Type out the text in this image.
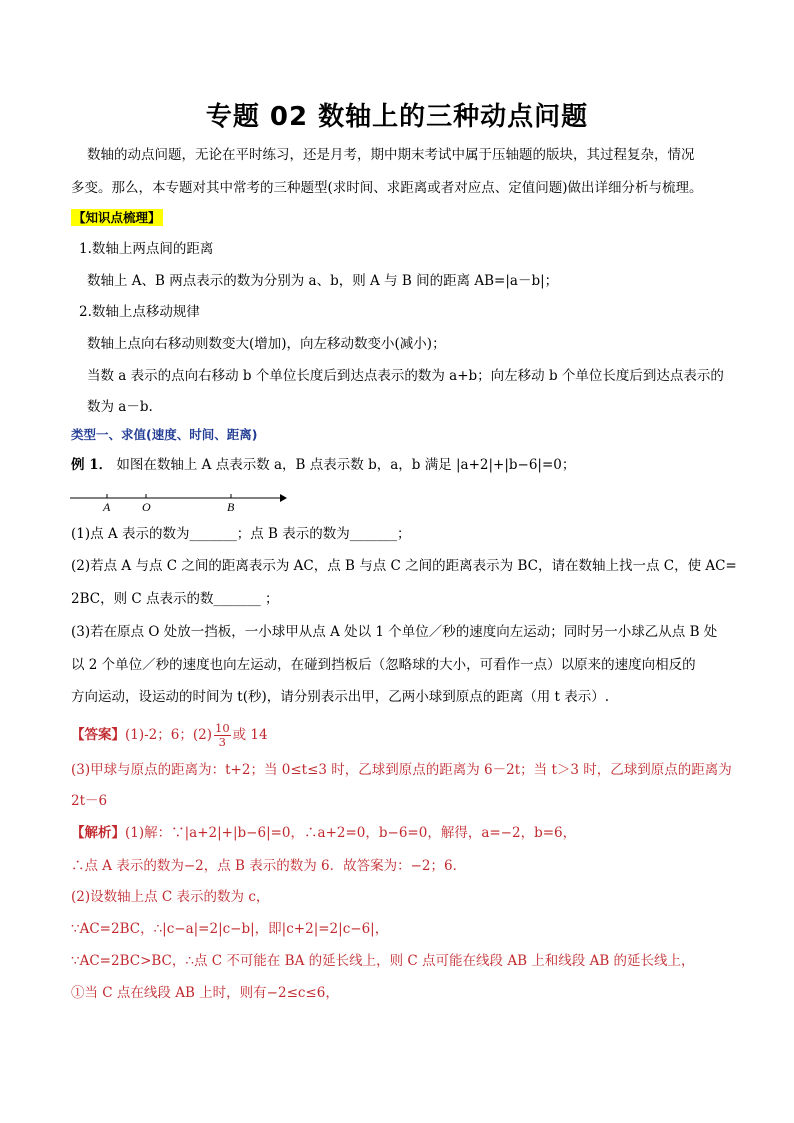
专题 02 数轴上的三种动点问题
数轴的动点问题，无论在平时练习，还是月考，期中期末考试中属于压轴题的版块，其过程复杂，情况
多变。那么，本专题对其中常考的三种题型(求时间、求距离或者对应点、定值问题)做出详细分析与梳理。
【知识点梳理】
1.数轴上两点间的距离
数轴上 A、B 两点表示的数为分别为 a、b，则 A 与 B 间的距离 AB=|a－b|；
2.数轴上点移动规律
数轴上点向右移动则数变大(增加)，向左移动数变小(减小)；
当数 a 表示的点向右移动 b 个单位长度后到达点表示的数为 a+b；向左移动 b 个单位长度后到达点表示的
数为 a－b.
类型一、求值(速度、时间、距离)
例 1． 如图在数轴上 A 点表示数 a，B 点表示数 b，a，b 满足 |a+2|+|b−6|=0；
A	O	B
(1)点 A 表示的数为_______；点 B 表示的数为_______；
(2)若点 A 与点 C 之间的距离表示为 AC，点 B 与点 C 之间的距离表示为 BC，请在数轴上找一点 C，使 AC=
2BC，则 C 点表示的数_______ ；
(3)若在原点 O 处放一挡板，一小球甲从点 A 处以 1 个单位／秒的速度向左运动；同时另一小球乙从点 B 处
以 2 个单位／秒的速度也向左运动，在碰到挡板后（忽略球的大小，可看作一点）以原来的速度向相反的
方向运动，设运动的时间为 t(秒)，请分别表示出甲，乙两小球到原点的距离（用 t 表示）.
【答案】(1)-2；6；$(2) \frac{10}{3}$ 或 14
(3)甲球与原点的距离为：t+2；当 0≤t≤3 时，乙球到原点的距离为 6－2t；当 t＞3 时，乙球到原点的距离为
2t－6
【解析】(1)解：∵|a+2|+|b−6|=0，∴a+2=0，b−6=0，解得，a=−2，b=6，
∴点 A 表示的数为−2，点 B 表示的数为 6．故答案为：−2；6．
(2)设数轴上点 C 表示的数为 c，
∵AC=2BC，∴|c−a|=2|c−b|，即|c+2|=2|c−6|，
∵AC=2BC>BC，∴点 C 不可能在 BA 的延长线上，则 C 点可能在线段 AB 上和线段 AB 的延长线上，
①当 C 点在线段 AB 上时，则有−2≤c≤6，
